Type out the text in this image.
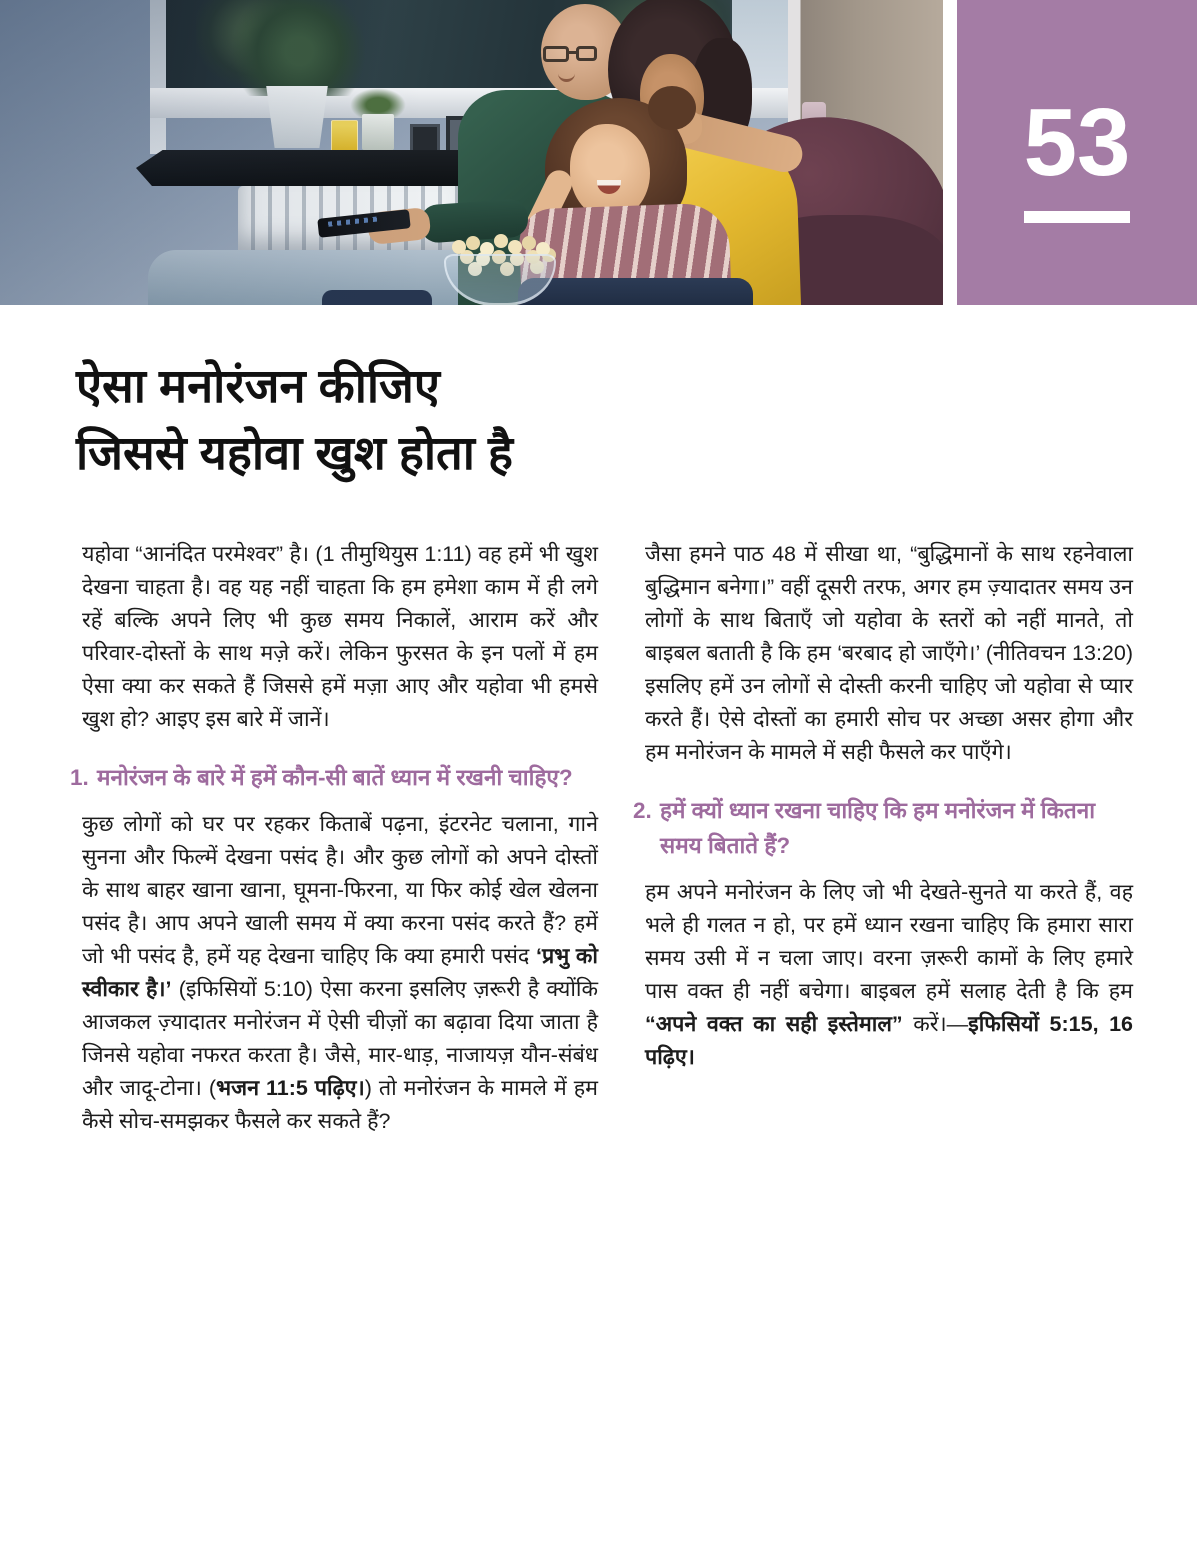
53
ऐसा मनोरंजन कीजिए
जिससे यहोवा खुश होता है

यहोवा “आनंदित परमेश्वर” है। (1 तीमुथियुस 1:11) वह हमें भी खुश देखना चाहता है। वह यह नहीं चाहता कि हम हमेशा काम में ही लगे रहें बल्कि अपने लिए भी कुछ समय निकालें, आराम करें और परिवार-दोस्तों के साथ मज़े करें। लेकिन फुरसत के इन पलों में हम ऐसा क्या कर सकते हैं जिससे हमें मज़ा आए और यहोवा भी हमसे खुश हो? आइए इस बारे में जानें।

1. मनोरंजन के बारे में हमें कौन-सी बातें ध्यान में रखनी चाहिए?

कुछ लोगों को घर पर रहकर किताबें पढ़ना, इंटरनेट चलाना, गाने सुनना और फिल्में देखना पसंद है। और कुछ लोगों को अपने दोस्तों के साथ बाहर खाना खाना, घूमना-फिरना, या फिर कोई खेल खेलना पसंद है। आप अपने खाली समय में क्या करना पसंद करते हैं? हमें जो भी पसंद है, हमें यह देखना चाहिए कि क्या हमारी पसंद ‘प्रभु को स्वीकार है।’ (इफिसियों 5:10) ऐसा करना इसलिए ज़रूरी है क्योंकि आजकल ज़्यादातर मनोरंजन में ऐसी चीज़ों का बढ़ावा दिया जाता है जिनसे यहोवा नफरत करता है। जैसे, मार-धाड़, नाजायज़ यौन-संबंध और जादू-टोना। (भजन 11:5 पढ़िए।) तो मनोरंजन के मामले में हम कैसे सोच-समझकर फैसले कर सकते हैं?

जैसा हमने पाठ 48 में सीखा था, “बुद्धिमानों के साथ रहनेवाला बुद्धिमान बनेगा।” वहीं दूसरी तरफ, अगर हम ज़्यादातर समय उन लोगों के साथ बिताएँ जो यहोवा के स्तरों को नहीं मानते, तो बाइबल बताती है कि हम ‘बरबाद हो जाएँगे।’ (नीतिवचन 13:20) इसलिए हमें उन लोगों से दोस्ती करनी चाहिए जो यहोवा से प्यार करते हैं। ऐसे दोस्तों का हमारी सोच पर अच्छा असर होगा और हम मनोरंजन के मामले में सही फैसले कर पाएँगे।

2. हमें क्यों ध्यान रखना चाहिए कि हम मनोरंजन में कितना समय बिताते हैं?

हम अपने मनोरंजन के लिए जो भी देखते-सुनते या करते हैं, वह भले ही गलत न हो, पर हमें ध्यान रखना चाहिए कि हमारा सारा समय उसी में न चला जाए। वरना ज़रूरी कामों के लिए हमारे पास वक्त ही नहीं बचेगा। बाइबल हमें सलाह देती है कि हम “अपने वक्त का सही इस्तेमाल” करें।—इफिसियों 5:15, 16 पढ़िए।
